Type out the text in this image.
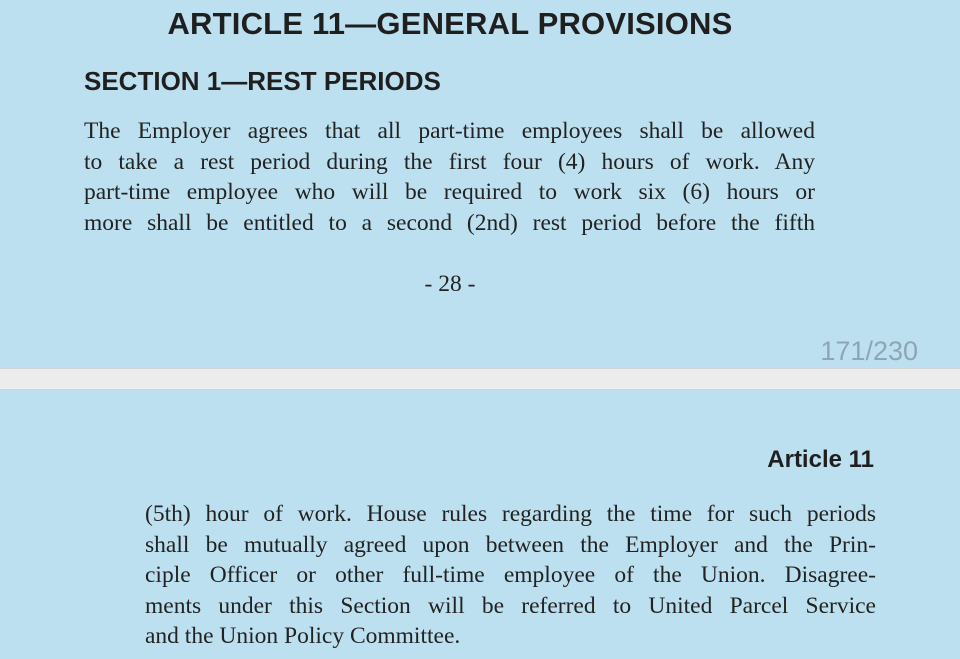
ARTICLE 11—GENERAL PROVISIONS
SECTION 1—REST PERIODS
The Employer agrees that all part-time employees shall be allowed
to take a rest period during the first four (4) hours of work. Any
part-time employee who will be required to work six (6) hours or
more shall be entitled to a second (2nd) rest period before the fifth
- 28 -
171/230
Article 11
(5th) hour of work. House rules regarding the time for such periods
shall be mutually agreed upon between the Employer and the Prin-
ciple Officer or other full-time employee of the Union. Disagree-
ments under this Section will be referred to United Parcel Service
and the Union Policy Committee.
